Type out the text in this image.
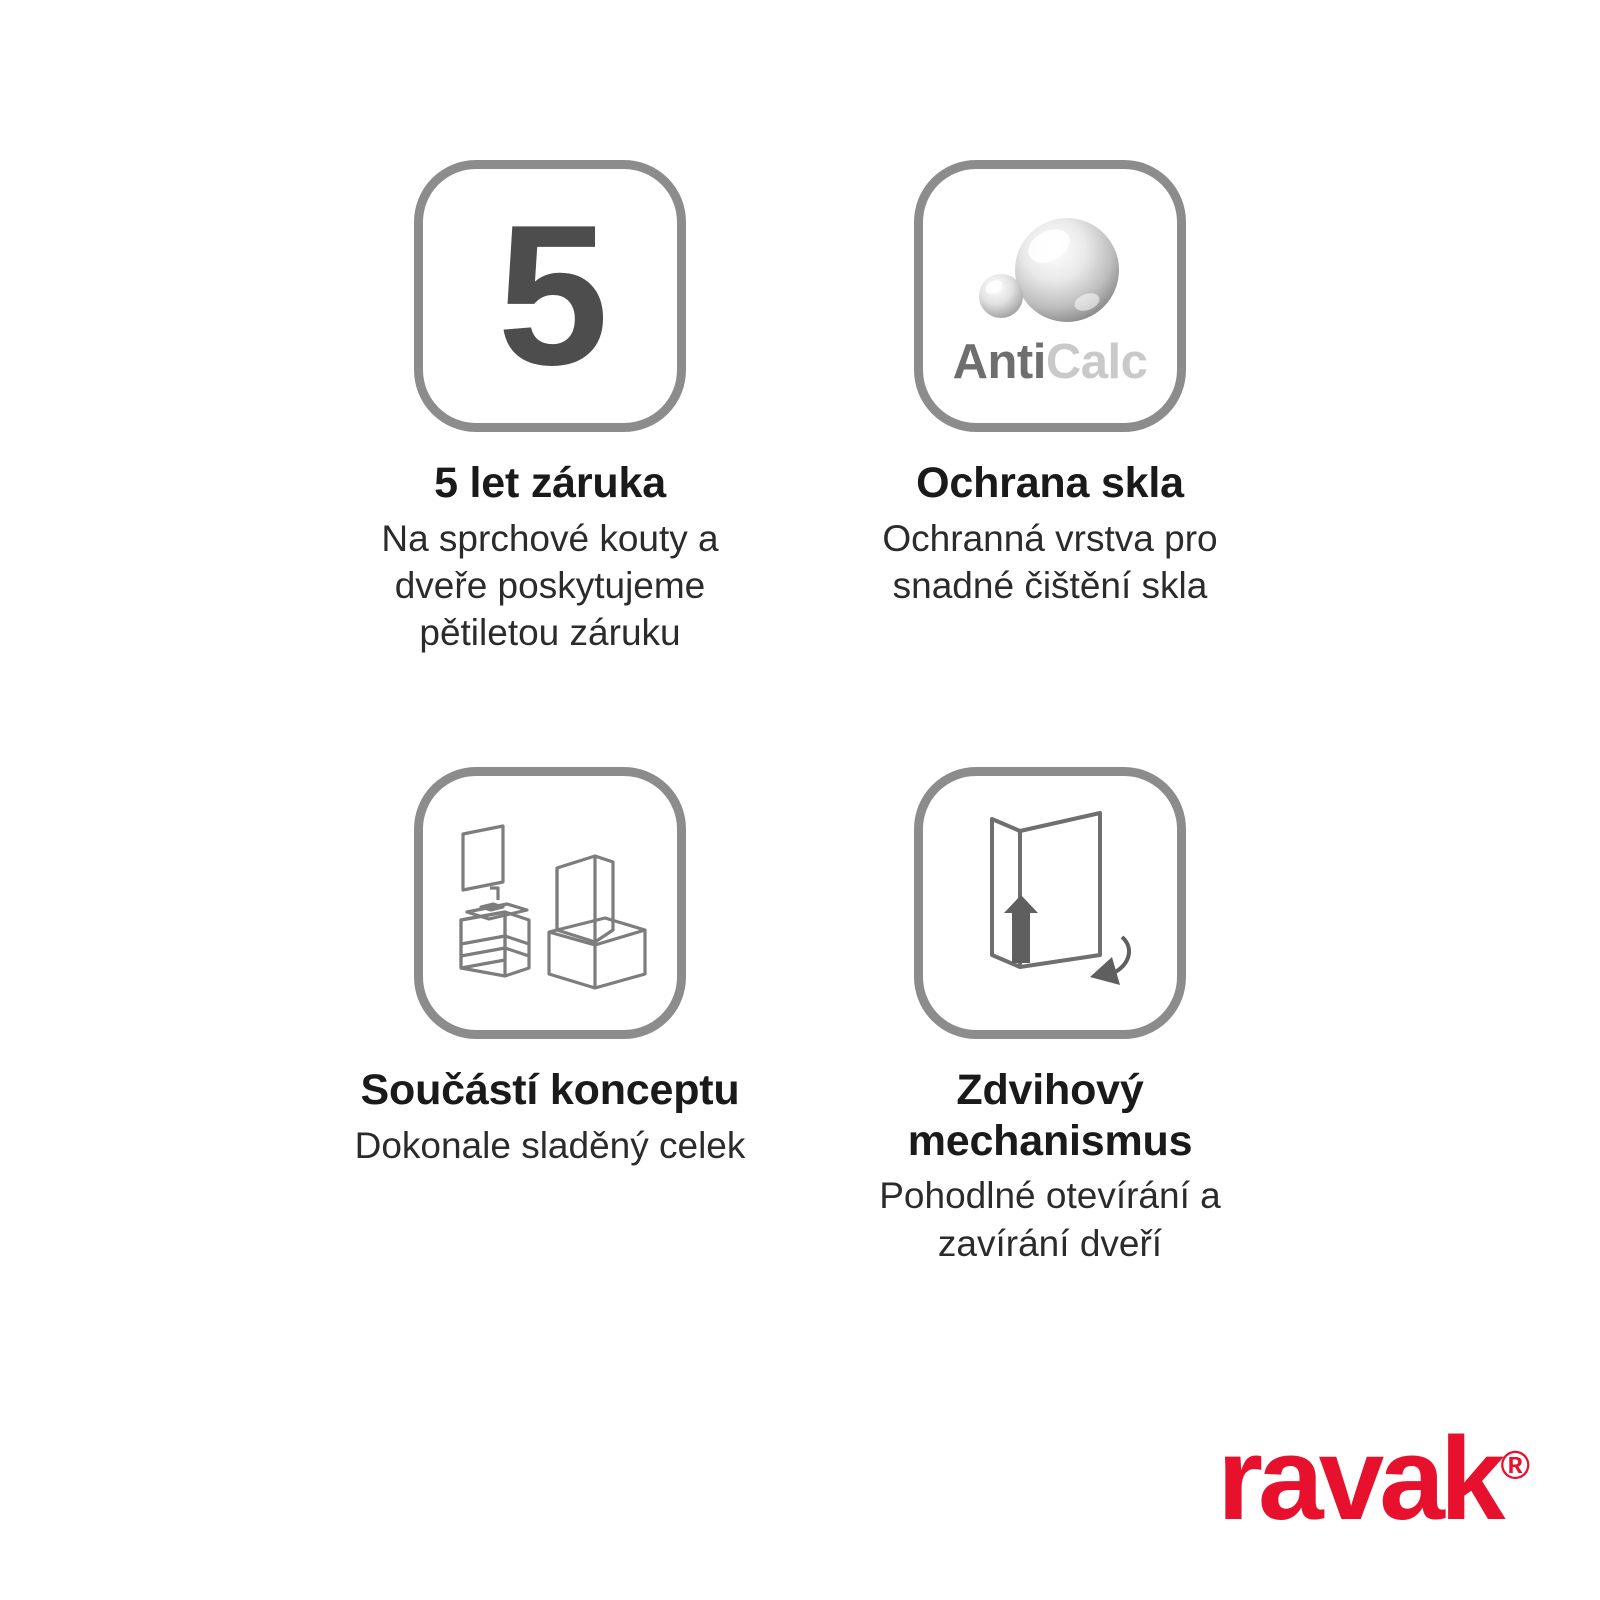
5
5 let záruka
Na sprchové kouty a dveře poskytujeme pětiletou záruku
AntiCalc
Ochrana skla
Ochranná vrstva pro snadné čištění skla
Součástí konceptu
Dokonale sladěný celek
Zdvihový mechanismus
Pohodlné otevírání a zavírání dveří
ravak®
